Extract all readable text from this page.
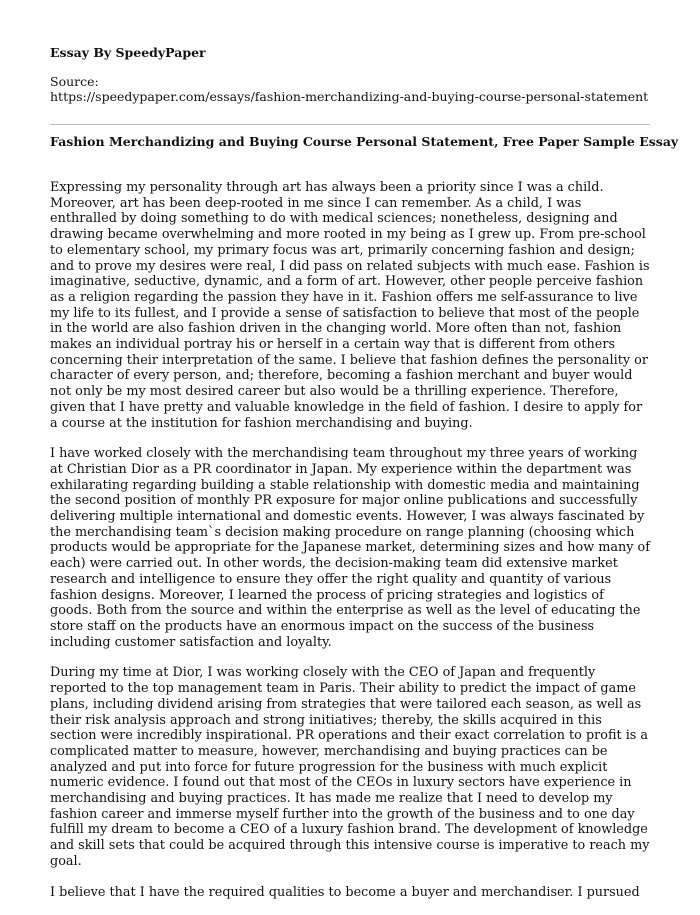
Essay By SpeedyPaper
Source:
https://speedypaper.com/essays/fashion-merchandizing-and-buying-course-personal-statement
Fashion Merchandizing and Buying Course Personal Statement, Free Paper Sample Essay

Expressing my personality through art has always been a priority since I was a child. Moreover, art has been deep-rooted in me since I can remember. As a child, I was enthralled by doing something to do with medical sciences; nonetheless, designing and drawing became overwhelming and more rooted in my being as I grew up. From pre-school to elementary school, my primary focus was art, primarily concerning fashion and design; and to prove my desires were real, I did pass on related subjects with much ease. Fashion is imaginative, seductive, dynamic, and a form of art. However, other people perceive fashion as a religion regarding the passion they have in it. Fashion offers me self-assurance to live my life to its fullest, and I provide a sense of satisfaction to believe that most of the people in the world are also fashion driven in the changing world. More often than not, fashion makes an individual portray his or herself in a certain way that is different from others concerning their interpretation of the same. I believe that fashion defines the personality or character of every person, and; therefore, becoming a fashion merchant and buyer would not only be my most desired career but also would be a thrilling experience. Therefore, given that I have pretty and valuable knowledge in the field of fashion. I desire to apply for a course at the institution for fashion merchandising and buying.

I have worked closely with the merchandising team throughout my three years of working at Christian Dior as a PR coordinator in Japan. My experience within the department was exhilarating regarding building a stable relationship with domestic media and maintaining the second position of monthly PR exposure for major online publications and successfully delivering multiple international and domestic events. However, I was always fascinated by the merchandising team`s decision making procedure on range planning (choosing which products would be appropriate for the Japanese market, determining sizes and how many of each) were carried out. In other words, the decision-making team did extensive market research and intelligence to ensure they offer the right quality and quantity of various fashion designs. Moreover, I learned the process of pricing strategies and logistics of goods. Both from the source and within the enterprise as well as the level of educating the store staff on the products have an enormous impact on the success of the business including customer satisfaction and loyalty.

During my time at Dior, I was working closely with the CEO of Japan and frequently reported to the top management team in Paris. Their ability to predict the impact of game plans, including dividend arising from strategies that were tailored each season, as well as their risk analysis approach and strong initiatives; thereby, the skills acquired in this section were incredibly inspirational. PR operations and their exact correlation to profit is a complicated matter to measure, however, merchandising and buying practices can be analyzed and put into force for future progression for the business with much explicit numeric evidence. I found out that most of the CEOs in luxury sectors have experience in merchandising and buying practices. It has made me realize that I need to develop my fashion career and immerse myself further into the growth of the business and to one day fulfill my dream to become a CEO of a luxury fashion brand. The development of knowledge and skill sets that could be acquired through this intensive course is imperative to reach my goal.

I believe that I have the required qualities to become a buyer and merchandiser. I pursued
